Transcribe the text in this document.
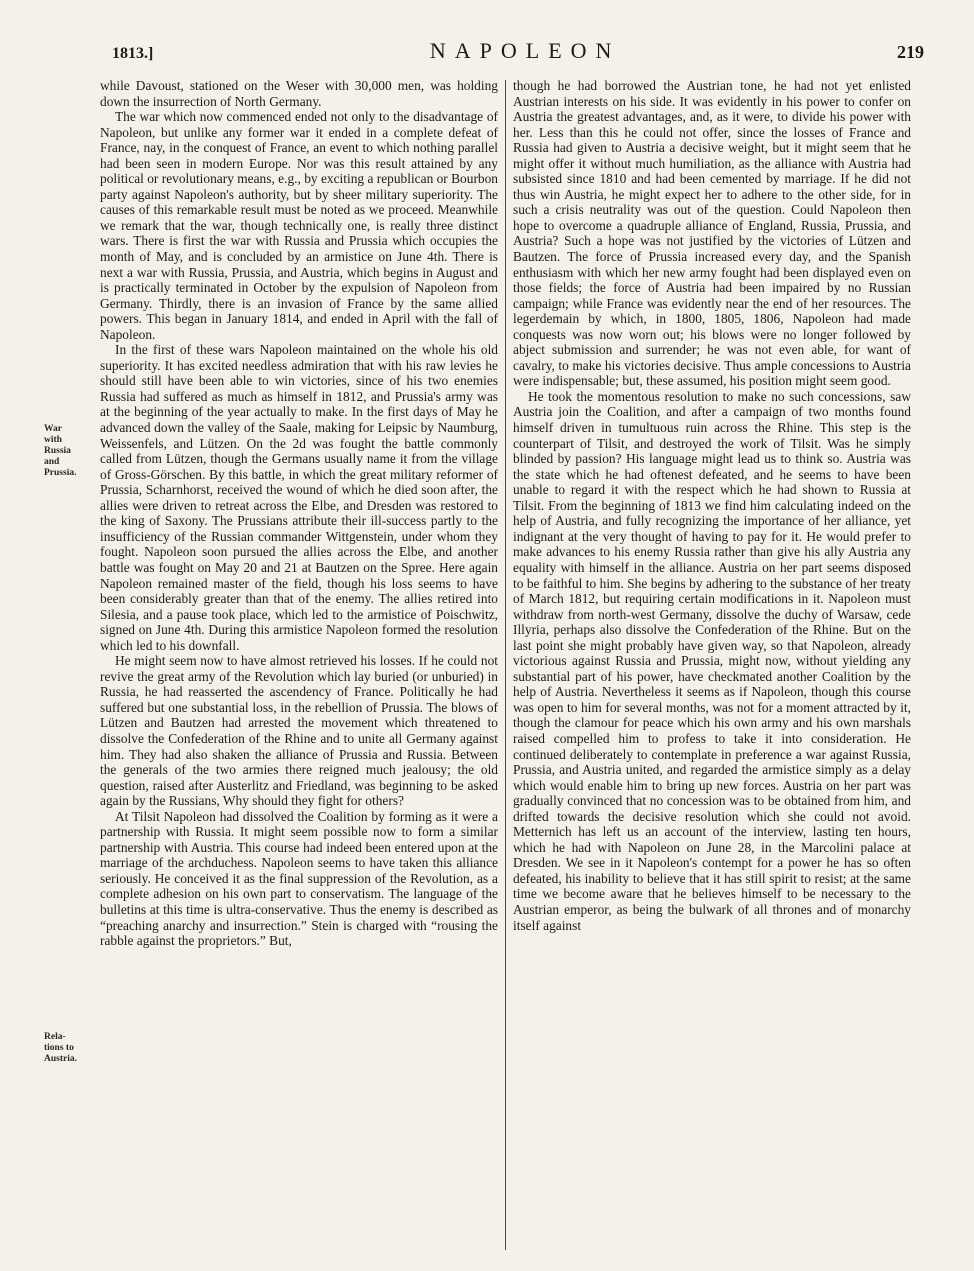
1813.]	NAPOLEON	219
War
with
Russia
and
Prussia.
Rela-
tions to
Austria.

while Davoust, stationed on the Weser with 30,000 men, was holding down the insurrection of North Germany.

The war which now commenced ended not only to the disadvantage of Napoleon, but unlike any former war it ended in a complete defeat of France, nay, in the conquest of France, an event to which nothing parallel had been seen in modern Europe. Nor was this result attained by any political or revolutionary means, e.g., by exciting a republican or Bourbon party against Napoleon's authority, but by sheer military superiority. The causes of this remarkable result must be noted as we proceed. Meanwhile we remark that the war, though technically one, is really three distinct wars. There is first the war with Russia and Prussia which occupies the month of May, and is concluded by an armistice on June 4th. There is next a war with Russia, Prussia, and Austria, which begins in August and is practically terminated in October by the expulsion of Napoleon from Germany. Thirdly, there is an invasion of France by the same allied powers. This began in January 1814, and ended in April with the fall of Napoleon.

In the first of these wars Napoleon maintained on the whole his old superiority. It has excited needless admiration that with his raw levies he should still have been able to win victories, since of his two enemies Russia had suffered as much as himself in 1812, and Prussia's army was at the beginning of the year actually to make. In the first days of May he advanced down the valley of the Saale, making for Leipsic by Naumburg, Weissenfels, and Lützen. On the 2d was fought the battle commonly called from Lützen, though the Germans usually name it from the village of Gross-Görschen. By this battle, in which the great military reformer of Prussia, Scharnhorst, received the wound of which he died soon after, the allies were driven to retreat across the Elbe, and Dresden was restored to the king of Saxony. The Prussians attribute their ill-success partly to the insufficiency of the Russian commander Wittgenstein, under whom they fought. Napoleon soon pursued the allies across the Elbe, and another battle was fought on May 20 and 21 at Bautzen on the Spree. Here again Napoleon remained master of the field, though his loss seems to have been considerably greater than that of the enemy. The allies retired into Silesia, and a pause took place, which led to the armistice of Poischwitz, signed on June 4th. During this armistice Napoleon formed the resolution which led to his downfall.

He might seem now to have almost retrieved his losses. If he could not revive the great army of the Revolution which lay buried (or unburied) in Russia, he had reasserted the ascendency of France. Politically he had suffered but one substantial loss, in the rebellion of Prussia. The blows of Lützen and Bautzen had arrested the movement which threatened to dissolve the Confederation of the Rhine and to unite all Germany against him. They had also shaken the alliance of Prussia and Russia. Between the generals of the two armies there reigned much jealousy; the old question, raised after Austerlitz and Friedland, was beginning to be asked again by the Russians, Why should they fight for others?

At Tilsit Napoleon had dissolved the Coalition by forming as it were a partnership with Russia. It might seem possible now to form a similar partnership with Austria. This course had indeed been entered upon at the marriage of the archduchess. Napoleon seems to have taken this alliance seriously. He conceived it as the final suppression of the Revolution, as a complete adhesion on his own part to conservatism. The language of the bulletins at this time is ultra-conservative. Thus the enemy is described as “preaching anarchy and insurrection.” Stein is charged with “rousing the rabble against the proprietors.” But,

though he had borrowed the Austrian tone, he had not yet enlisted Austrian interests on his side. It was evidently in his power to confer on Austria the greatest advantages, and, as it were, to divide his power with her. Less than this he could not offer, since the losses of France and Russia had given to Austria a decisive weight, but it might seem that he might offer it without much humiliation, as the alliance with Austria had subsisted since 1810 and had been cemented by marriage. If he did not thus win Austria, he might expect her to adhere to the other side, for in such a crisis neutrality was out of the question. Could Napoleon then hope to overcome a quadruple alliance of England, Russia, Prussia, and Austria? Such a hope was not justified by the victories of Lützen and Bautzen. The force of Prussia increased every day, and the Spanish enthusiasm with which her new army fought had been displayed even on those fields; the force of Austria had been impaired by no Russian campaign; while France was evidently near the end of her resources. The legerdemain by which, in 1800, 1805, 1806, Napoleon had made conquests was now worn out; his blows were no longer followed by abject submission and surrender; he was not even able, for want of cavalry, to make his victories decisive. Thus ample concessions to Austria were indispensable; but, these assumed, his position might seem good.

He took the momentous resolution to make no such concessions, saw Austria join the Coalition, and after a campaign of two months found himself driven in tumultuous ruin across the Rhine. This step is the counterpart of Tilsit, and destroyed the work of Tilsit. Was he simply blinded by passion? His language might lead us to think so. Austria was the state which he had oftenest defeated, and he seems to have been unable to regard it with the respect which he had shown to Russia at Tilsit. From the beginning of 1813 we find him calculating indeed on the help of Austria, and fully recognizing the importance of her alliance, yet indignant at the very thought of having to pay for it. He would prefer to make advances to his enemy Russia rather than give his ally Austria any equality with himself in the alliance. Austria on her part seems disposed to be faithful to him. She begins by adhering to the substance of her treaty of March 1812, but requiring certain modifications in it. Napoleon must withdraw from north-west Germany, dissolve the duchy of Warsaw, cede Illyria, perhaps also dissolve the Confederation of the Rhine. But on the last point she might probably have given way, so that Napoleon, already victorious against Russia and Prussia, might now, without yielding any substantial part of his power, have checkmated another Coalition by the help of Austria. Nevertheless it seems as if Napoleon, though this course was open to him for several months, was not for a moment attracted by it, though the clamour for peace which his own army and his own marshals raised compelled him to profess to take it into consideration. He continued deliberately to contemplate in preference a war against Russia, Prussia, and Austria united, and regarded the armistice simply as a delay which would enable him to bring up new forces. Austria on her part was gradually convinced that no concession was to be obtained from him, and drifted towards the decisive resolution which she could not avoid. Metternich has left us an account of the interview, lasting ten hours, which he had with Napoleon on June 28, in the Marcolini palace at Dresden. We see in it Napoleon's contempt for a power he has so often defeated, his inability to believe that it has still spirit to resist; at the same time we become aware that he believes himself to be necessary to the Austrian emperor, as being the bulwark of all thrones and of monarchy itself against
